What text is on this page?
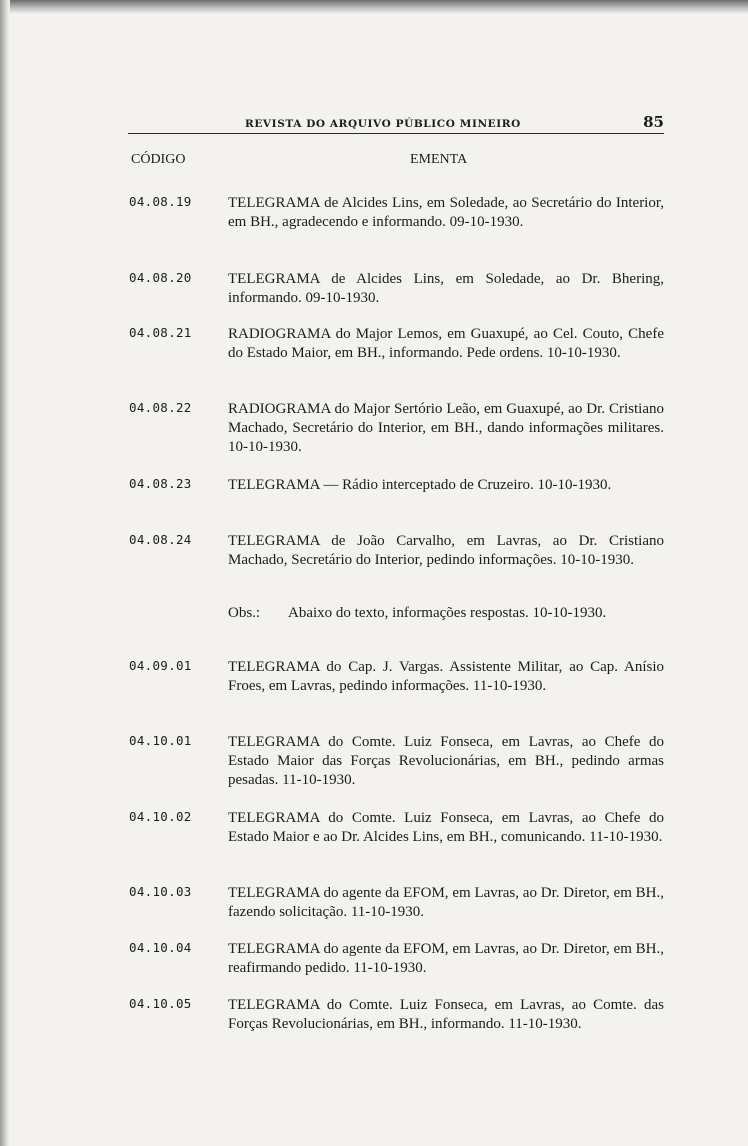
REVISTA DO ARQUIVO PÚBLICO MINEIRO	85
CÓDIGO	EMENTA
04.08.19 TELEGRAMA de Alcides Lins, em Soledade, ao Secretário do Interior, em BH., agradecendo e informando. 09-10-1930.
04.08.20 TELEGRAMA de Alcides Lins, em Soledade, ao Dr. Bhering, informando. 09-10-1930.
04.08.21 RADIOGRAMA do Major Lemos, em Guaxupé, ao Cel. Couto, Chefe do Estado Maior, em BH., informando. Pede ordens. 10-10-1930.
04.08.22 RADIOGRAMA do Major Sertório Leão, em Guaxupé, ao Dr. Cristiano Machado, Secretário do Interior, em BH., dando informações militares. 10-10-1930.
04.08.23 TELEGRAMA — Rádio interceptado de Cruzeiro. 10-10-1930.
04.08.24 TELEGRAMA de João Carvalho, em Lavras, ao Dr. Cristiano Machado, Secretário do Interior, pedindo informações. 10-10-1930.
Obs.: Abaixo do texto, informações respostas. 10-10-1930.
04.09.01 TELEGRAMA do Cap. J. Vargas. Assistente Militar, ao Cap. Anísio Froes, em Lavras, pedindo informações. 11-10-1930.
04.10.01 TELEGRAMA do Comte. Luiz Fonseca, em Lavras, ao Chefe do Estado Maior das Forças Revolucionárias, em BH., pedindo armas pesadas. 11-10-1930.
04.10.02 TELEGRAMA do Comte. Luiz Fonseca, em Lavras, ao Chefe do Estado Maior e ao Dr. Alcides Lins, em BH., comunicando. 11-10-1930.
04.10.03 TELEGRAMA do agente da EFOM, em Lavras, ao Dr. Diretor, em BH., fazendo solicitação. 11-10-1930.
04.10.04 TELEGRAMA do agente da EFOM, em Lavras, ao Dr. Diretor, em BH., reafirmando pedido. 11-10-1930.
04.10.05 TELEGRAMA do Comte. Luiz Fonseca, em Lavras, ao Comte. das Forças Revolucionárias, em BH., informando. 11-10-1930.
